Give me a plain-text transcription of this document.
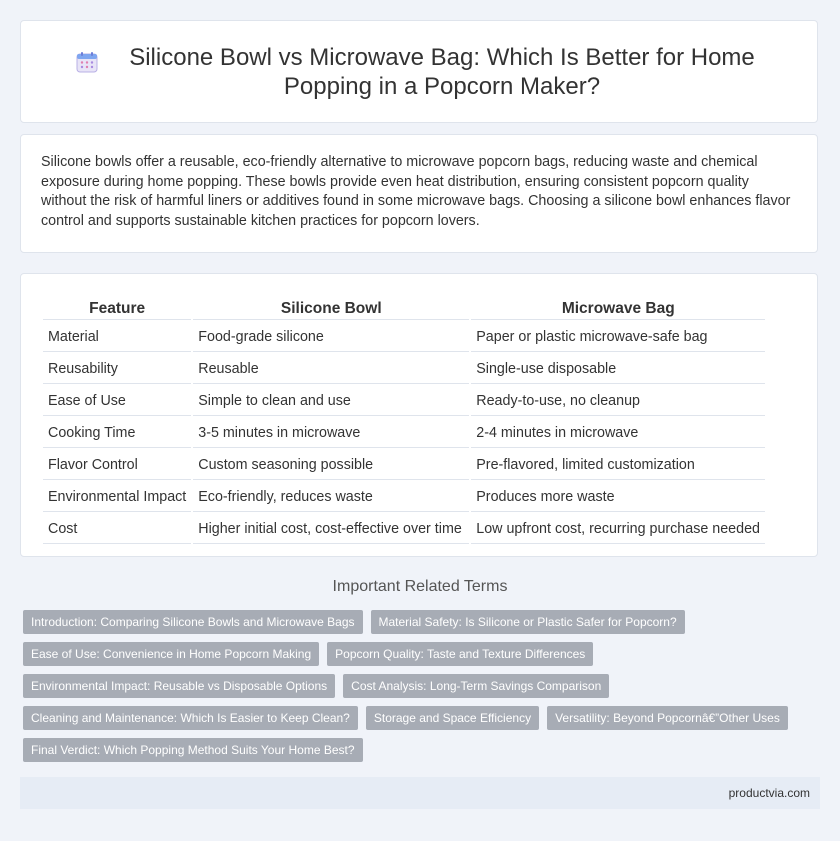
Silicone Bowl vs Microwave Bag: Which Is Better for Home Popping in a Popcorn Maker?

Silicone bowls offer a reusable, eco-friendly alternative to microwave popcorn bags, reducing waste and chemical exposure during home popping. These bowls provide even heat distribution, ensuring consistent popcorn quality without the risk of harmful liners or additives found in some microwave bags. Choosing a silicone bowl enhances flavor control and supports sustainable kitchen practices for popcorn lovers.

Feature	Silicone Bowl	Microwave Bag
Material	Food-grade silicone	Paper or plastic microwave-safe bag
Reusability	Reusable	Single-use disposable
Ease of Use	Simple to clean and use	Ready-to-use, no cleanup
Cooking Time	3-5 minutes in microwave	2-4 minutes in microwave
Flavor Control	Custom seasoning possible	Pre-flavored, limited customization
Environmental Impact	Eco-friendly, reduces waste	Produces more waste
Cost	Higher initial cost, cost-effective over time	Low upfront cost, recurring purchase needed
Important Related Terms
Introduction: Comparing Silicone Bowls and Microwave Bags	Material Safety: Is Silicone or Plastic Safer for Popcorn?
Ease of Use: Convenience in Home Popcorn Making	Popcorn Quality: Taste and Texture Differences
Environmental Impact: Reusable vs Disposable Options	Cost Analysis: Long-Term Savings Comparison
Cleaning and Maintenance: Which Is Easier to Keep Clean?	Storage and Space Efficiency	Versatility: Beyond Popcornâ€”Other Uses
Final Verdict: Which Popping Method Suits Your Home Best?
productvia.com
